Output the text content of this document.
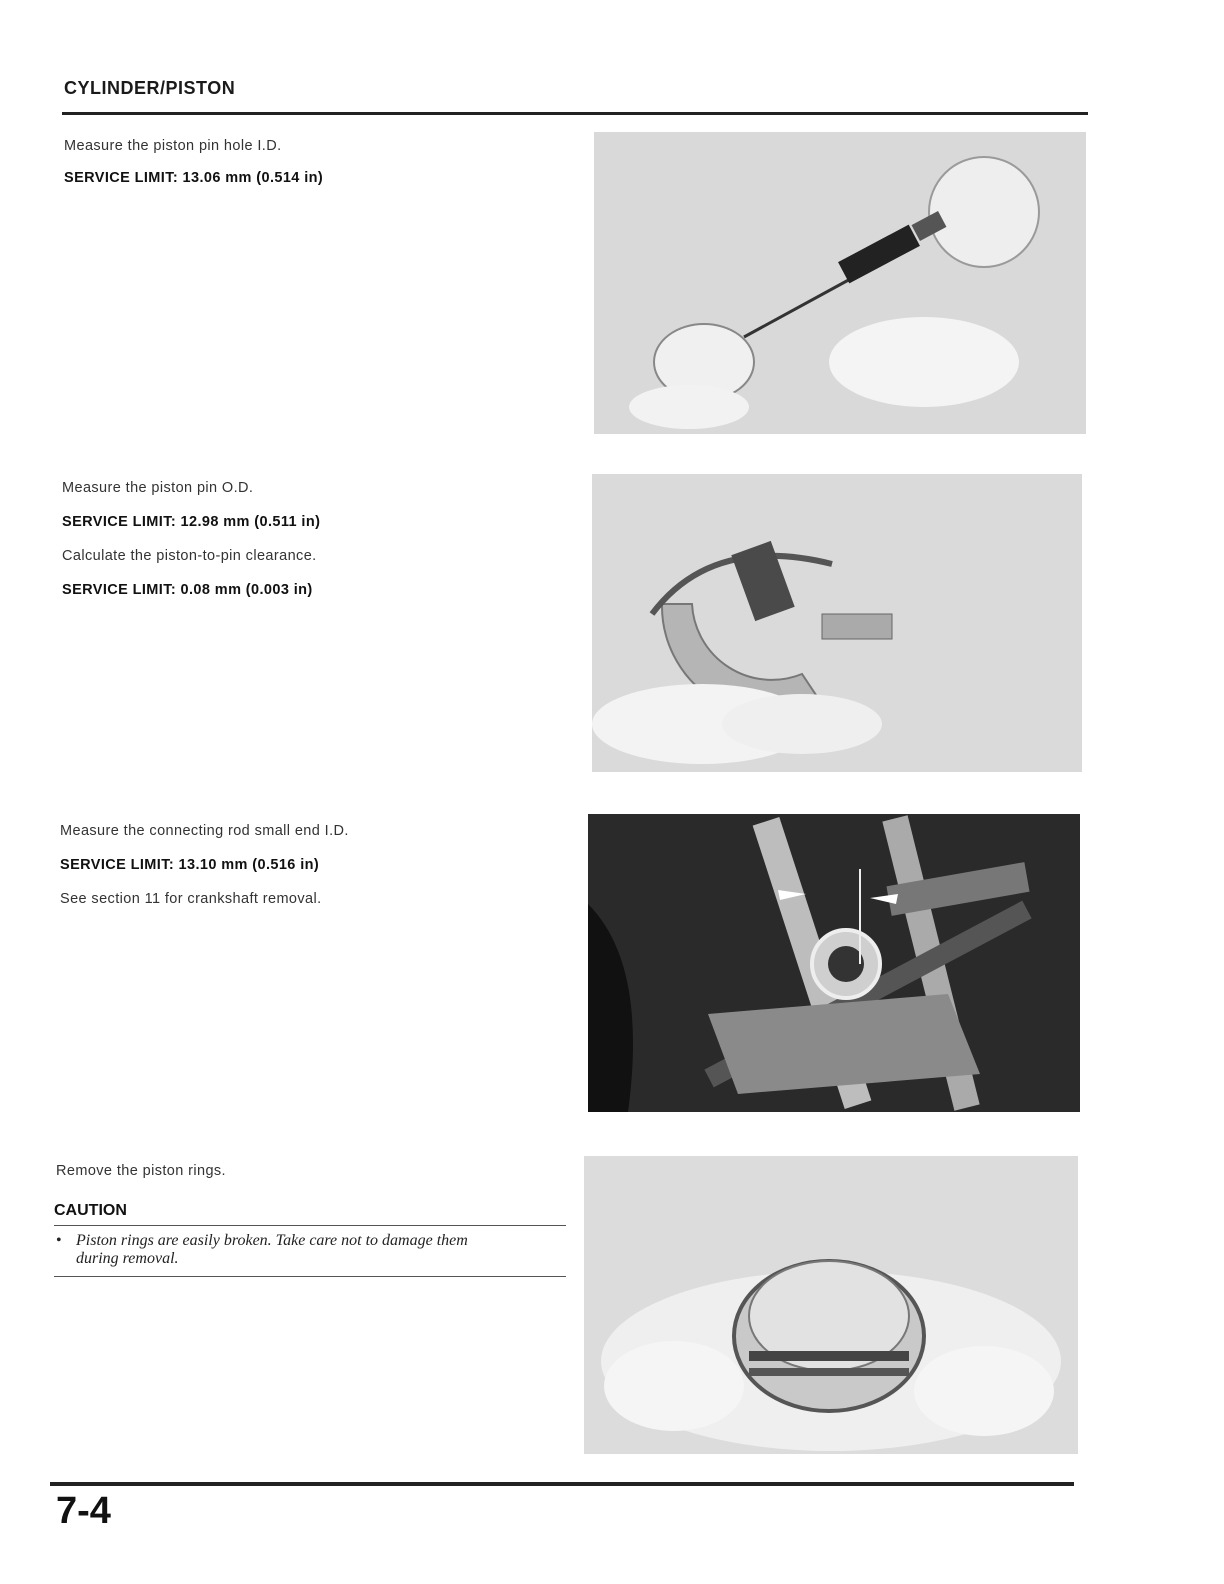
CYLINDER/PISTON

Measure the piston pin hole I.D.

SERVICE LIMIT: 13.06 mm (0.514 in)

Measure the piston pin O.D.

SERVICE LIMIT: 12.98 mm (0.511 in)

Calculate the piston-to-pin clearance.

SERVICE LIMIT: 0.08 mm (0.003 in)

Measure the connecting rod small end I.D.

SERVICE LIMIT: 13.10 mm (0.516 in)

See section 11 for crankshaft removal.

Remove the piston rings.

CAUTION
• Piston rings are easily broken. Take care not to damage them
during removal.
7-4
